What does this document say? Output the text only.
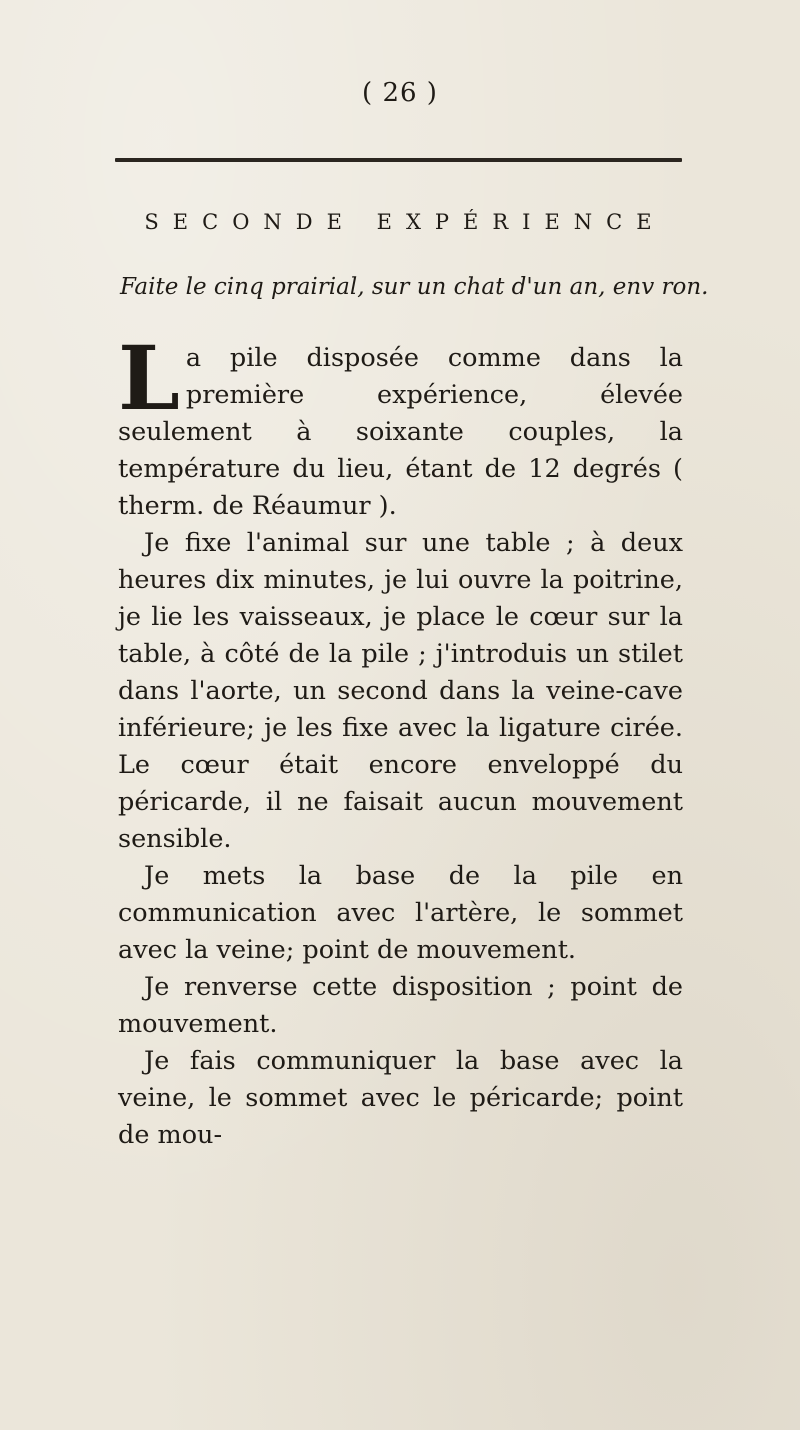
( 26 )
SECONDE EXPÉRIENCE
Faite le cinq prairial, sur un chat d'un an, env ron.

La pile disposée comme dans la première expérience, élevée seulement à soixante couples, la température du lieu, étant de 12 degrés ( therm. de Réaumur ).

Je fixe l'animal sur une table ; à deux heures dix minutes, je lui ouvre la poitrine, je lie les vaisseaux, je place le cœur sur la table, à côté de la pile ; j'introduis un stilet dans l'aorte, un second dans la veine-cave inférieure; je les fixe avec la ligature cirée. Le cœur était encore enveloppé du péricarde, il ne faisait aucun mouvement sensible.

Je mets la base de la pile en communication avec l'artère, le sommet avec la veine; point de mouvement.

Je renverse cette disposition ; point de mouvement.

Je fais communiquer la base avec la veine, le sommet avec le péricarde; point de mou-
